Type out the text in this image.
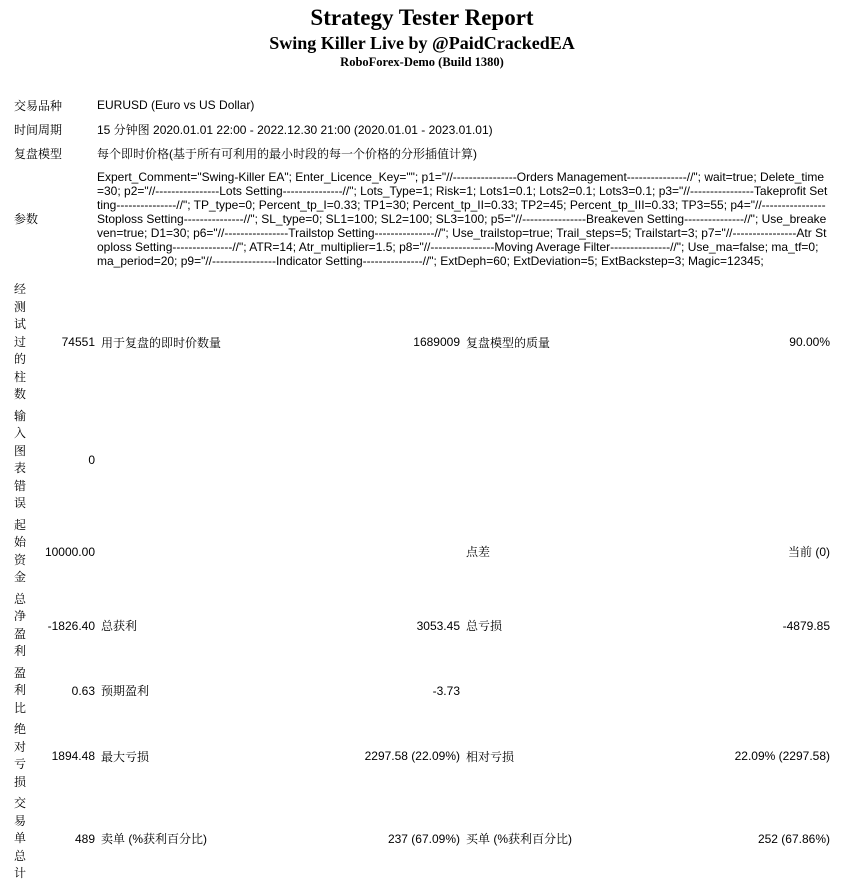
Strategy Tester Report
Swing Killer Live by @PaidCrackedEA
RoboForex-Demo (Build 1380)
交易品种	EURUSD (Euro vs US Dollar)
时间周期	15 分钟图 2020.01.01 22:00 - 2022.12.30 21:00 (2020.01.01 - 2023.01.01)
复盘模型	每个即时价格(基于所有可利用的最小时段的每一个价格的分形插值计算)
参数	Expert_Comment="Swing-Killer EA"; Enter_Licence_Key=""; p1="//----------------Orders Management---------------//"; wait=true; Delete_time=30; p2="//----------------Lots Setting---------------//"; Lots_Type=1; Risk=1; Lots1=0.1; Lots2=0.1; Lots3=0.1; p3="//----------------Takeprofit Setting---------------//"; TP_type=0; Percent_tp_I=0.33; TP1=30; Percent_tp_II=0.33; TP2=45; Percent_tp_III=0.33; TP3=55; p4="//----------------Stoploss Setting---------------//"; SL_type=0; SL1=100; SL2=100; SL3=100; p5="//----------------Breakeven Setting---------------//"; Use_breakeven=true; D1=30; p6="//----------------Trailstop Setting---------------//"; Use_trailstop=true; Trail_steps=5; Trailstart=3; p7="//----------------Atr Stoploss Setting---------------//"; ATR=14; Atr_multiplier=1.5; p8="//----------------Moving Average Filter---------------//"; Use_ma=false; ma_tf=0; ma_period=20; p9="//----------------Indicator Setting---------------//"; ExtDeph=60; ExtDeviation=5; ExtBackstep=3; Magic=12345;
经测试过的柱数	74551	用于复盘的即时价数量	1689009	复盘模型的质量	90.00%
输入图表错误	0				
起始资金	10000.00			点差	当前 (0)
总净盈利	-1826.40	总获利	3053.45	总亏损	-4879.85
盈利比	0.63	预期盈利	-3.73		
绝对亏损	1894.48	最大亏损	2297.58 (22.09%)	相对亏损	22.09% (2297.58)
交易单总计	489	卖单 (%获利百分比)	237 (67.09%)	买单 (%获利百分比)	252 (67.86%)
